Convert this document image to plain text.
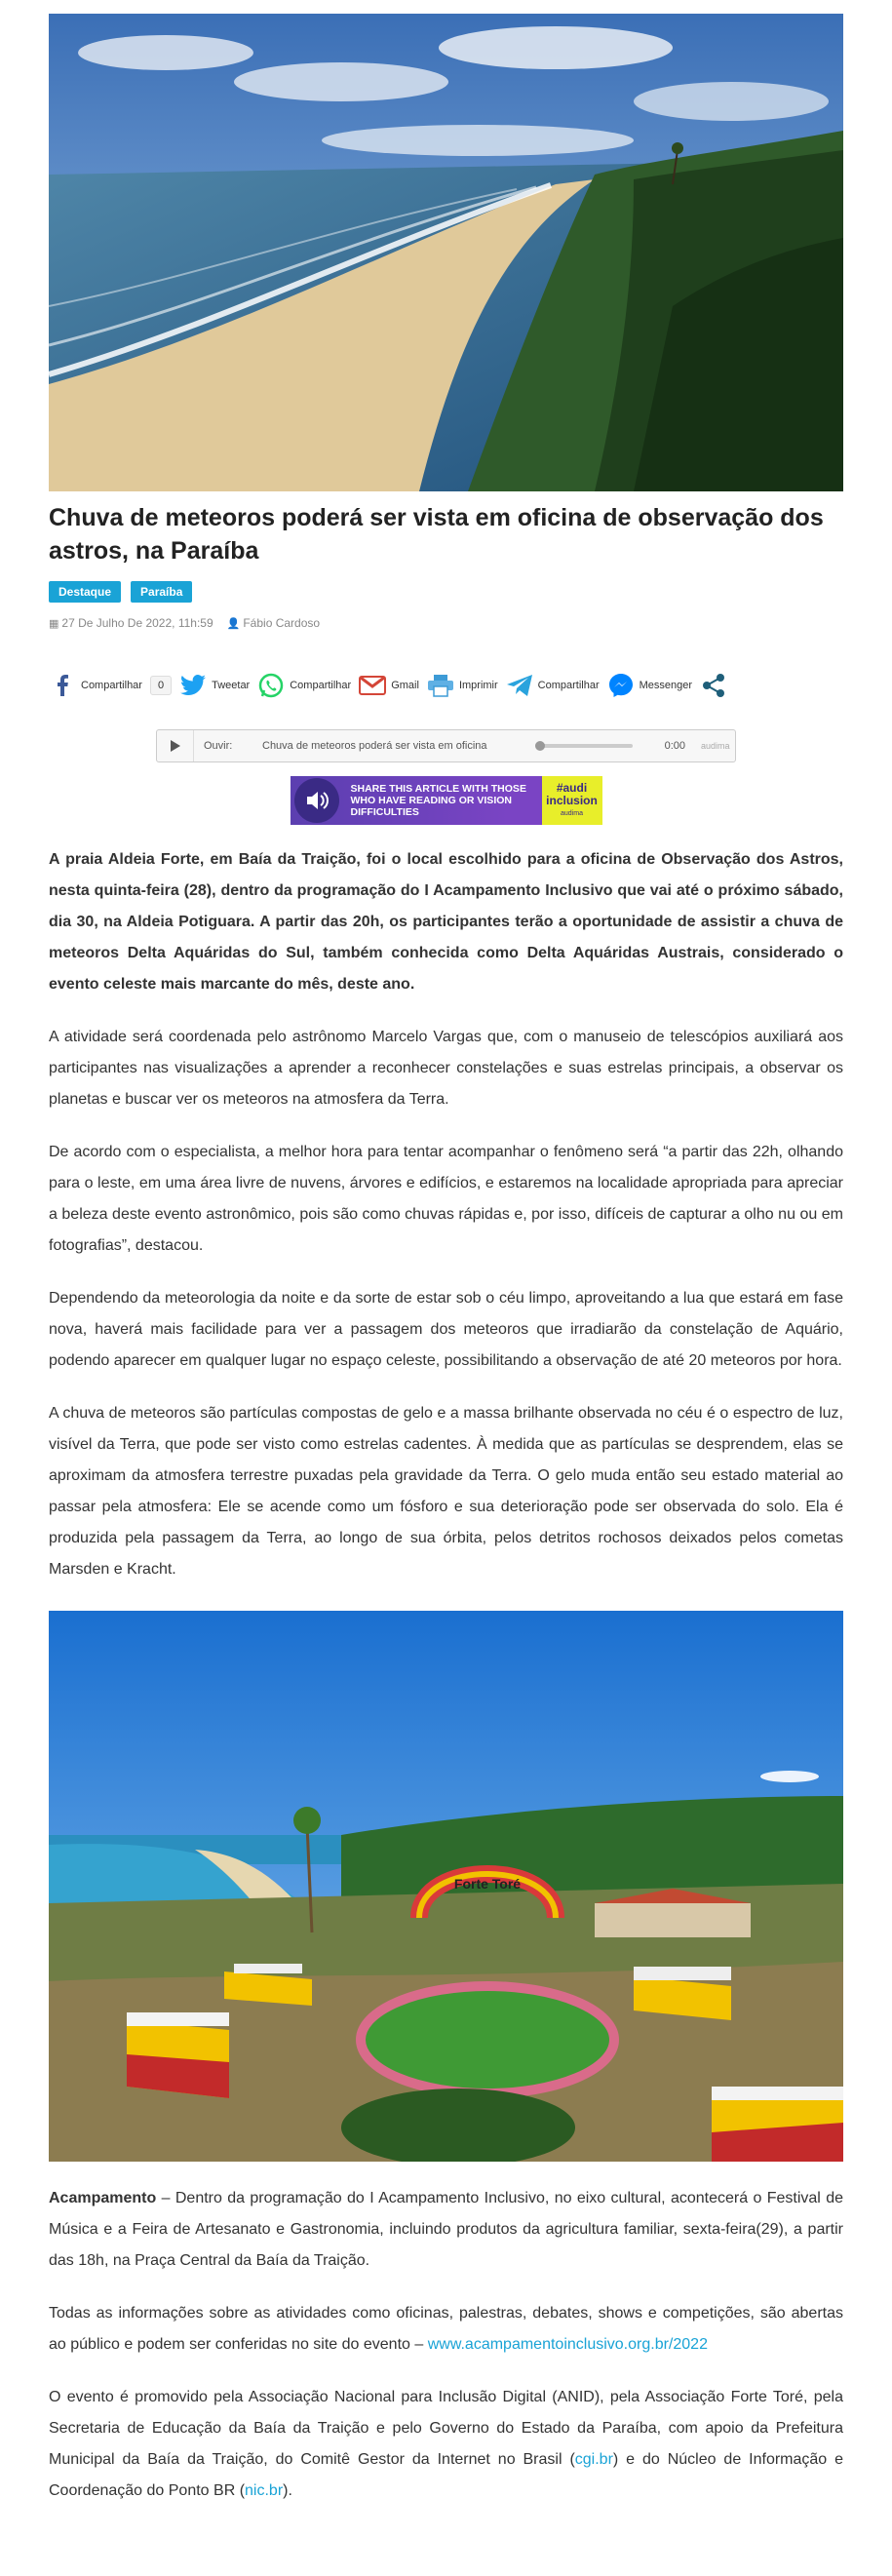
Chuva de meteoros poderá ser vista em oficina de observação dos astros, na Paraíba
Destaque	Paraíba
▦ 27 De Julho De 2022, 11h:59 👤 Fábio Cardoso
Compartilhar	0	Tweetar	Compartilhar	Gmail	Imprimir	Compartilhar	Messenger
Ouvir:	Chuva de meteoros poderá ser vista em oficina	0:00 audima
SHARE THIS ARTICLE WITH THOSE WHO HAVE READING OR VISION DIFFICULTIES
#audi inclusion
audima

A praia Aldeia Forte, em Baía da Traição, foi o local escolhido para a oficina de Observação dos Astros, nesta quinta-feira (28), dentro da programação do I Acampamento Inclusivo que vai até o próximo sábado, dia 30, na Aldeia Potiguara. A partir das 20h, os participantes terão a oportunidade de assistir a chuva de meteoros Delta Aquáridas do Sul, também conhecida como Delta Aquáridas Austrais, considerado o evento celeste mais marcante do mês, deste ano.

A atividade será coordenada pelo astrônomo Marcelo Vargas que, com o manuseio de telescópios auxiliará aos participantes nas visualizações a aprender a reconhecer constelações e suas estrelas principais, a observar os planetas e buscar ver os meteoros na atmosfera da Terra.

De acordo com o especialista, a melhor hora para tentar acompanhar o fenômeno será “a partir das 22h, olhando para o leste, em uma área livre de nuvens, árvores e edifícios, e estaremos na localidade apropriada para apreciar a beleza deste evento astronômico, pois são como chuvas rápidas e, por isso, difíceis de capturar a olho nu ou em fotografias”, destacou.

Dependendo da meteorologia da noite e da sorte de estar sob o céu limpo, aproveitando a lua que estará em fase nova, haverá mais facilidade para ver a passagem dos meteoros que irradiarão da constelação de Aquário, podendo aparecer em qualquer lugar no espaço celeste, possibilitando a observação de até 20 meteoros por hora.

A chuva de meteoros são partículas compostas de gelo e a massa brilhante observada no céu é o espectro de luz, visível da Terra, que pode ser visto como estrelas cadentes. À medida que as partículas se desprendem, elas se aproximam da atmosfera terrestre puxadas pela gravidade da Terra. O gelo muda então seu estado material ao passar pela atmosfera: Ele se acende como um fósforo e sua deterioração pode ser observada do solo. Ela é produzida pela passagem da Terra, ao longo de sua órbita, pelos detritos rochosos deixados pelos cometas Marsden e Kracht.

Forte Toré

Acampamento – Dentro da programação do I Acampamento Inclusivo, no eixo cultural, acontecerá o Festival de Música e a Feira de Artesanato e Gastronomia, incluindo produtos da agricultura familiar, sexta-feira(29), a partir das 18h, na Praça Central da Baía da Traição.

Todas as informações sobre as atividades como oficinas, palestras, debates, shows e competições, são abertas ao público e podem ser conferidas no site do evento – www.acampamentoinclusivo.org.br/2022

O evento é promovido pela Associação Nacional para Inclusão Digital (ANID), pela Associação Forte Toré, pela Secretaria de Educação da Baía da Traição e pelo Governo do Estado da Paraíba, com apoio da Prefeitura Municipal da Baía da Traição, do Comitê Gestor da Internet no Brasil (cgi.br) e do Núcleo de Informação e Coordenação do Ponto BR (nic.br).
